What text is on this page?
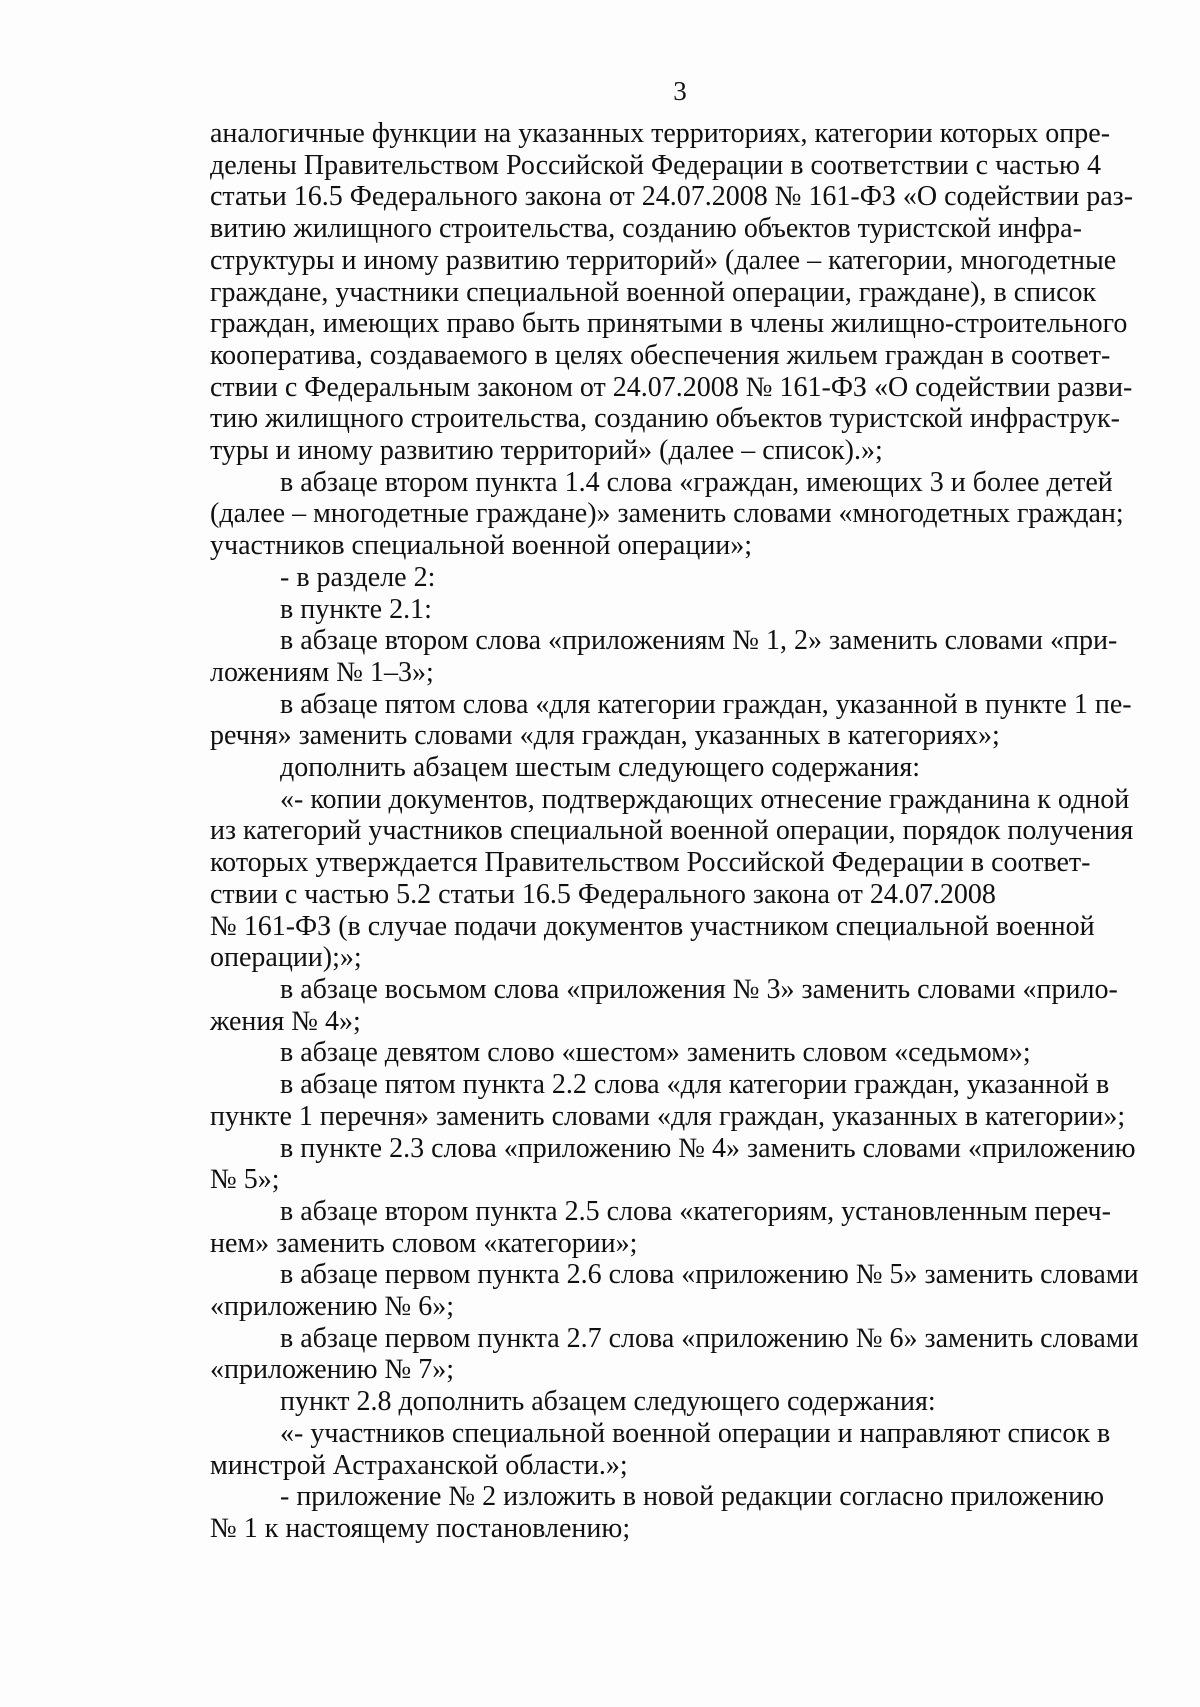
3

аналогичные функции на указанных территориях, категории которых опре-
делены Правительством Российской Федерации в соответствии с частью 4
статьи 16.5 Федерального закона от 24.07.2008 № 161-ФЗ «О содействии раз-
витию жилищного строительства, созданию объектов туристской инфра-
структуры и иному развитию территорий» (далее – категории, многодетные
граждане, участники специальной военной операции, граждане), в список
граждан, имеющих право быть принятыми в члены жилищно-строительного
кооператива, создаваемого в целях обеспечения жильем граждан в соответ-
ствии с Федеральным законом от 24.07.2008 № 161-ФЗ «О содействии разви-
тию жилищного строительства, созданию объектов туристской инфраструк-
туры и иному развитию территорий» (далее – список).»;

в абзаце втором пункта 1.4 слова «граждан, имеющих 3 и более детей
(далее – многодетные граждане)» заменить словами «многодетных граждан;
участников специальной военной операции»;

- в разделе 2:

в пункте 2.1:

в абзаце втором слова «приложениям № 1, 2» заменить словами «при-
ложениям № 1–3»;

в абзаце пятом слова «для категории граждан, указанной в пункте 1 пе-
речня» заменить словами «для граждан, указанных в категориях»;

дополнить абзацем шестым следующего содержания:

«- копии документов, подтверждающих отнесение гражданина к одной
из категорий участников специальной военной операции, порядок получения
которых утверждается Правительством Российской Федерации в соответ-
ствии с частью 5.2 статьи 16.5 Федерального закона от 24.07.2008
№ 161-ФЗ (в случае подачи документов участником специальной военной
операции);»;

в абзаце восьмом слова «приложения № 3» заменить словами «прило-
жения № 4»;

в абзаце девятом слово «шестом» заменить словом «седьмом»;

в абзаце пятом пункта 2.2 слова «для категории граждан, указанной в
пункте 1 перечня» заменить словами «для граждан, указанных в категории»;

в пункте 2.3 слова «приложению № 4» заменить словами «приложению
№ 5»;

в абзаце втором пункта 2.5 слова «категориям, установленным переч-
нем» заменить словом «категории»;

в абзаце первом пункта 2.6 слова «приложению № 5» заменить словами
«приложению № 6»;

в абзаце первом пункта 2.7 слова «приложению № 6» заменить словами
«приложению № 7»;

пункт 2.8 дополнить абзацем следующего содержания:

«- участников специальной военной операции и направляют список в
минстрой Астраханской области.»;

- приложение № 2 изложить в новой редакции согласно приложению
№ 1 к настоящему постановлению;
